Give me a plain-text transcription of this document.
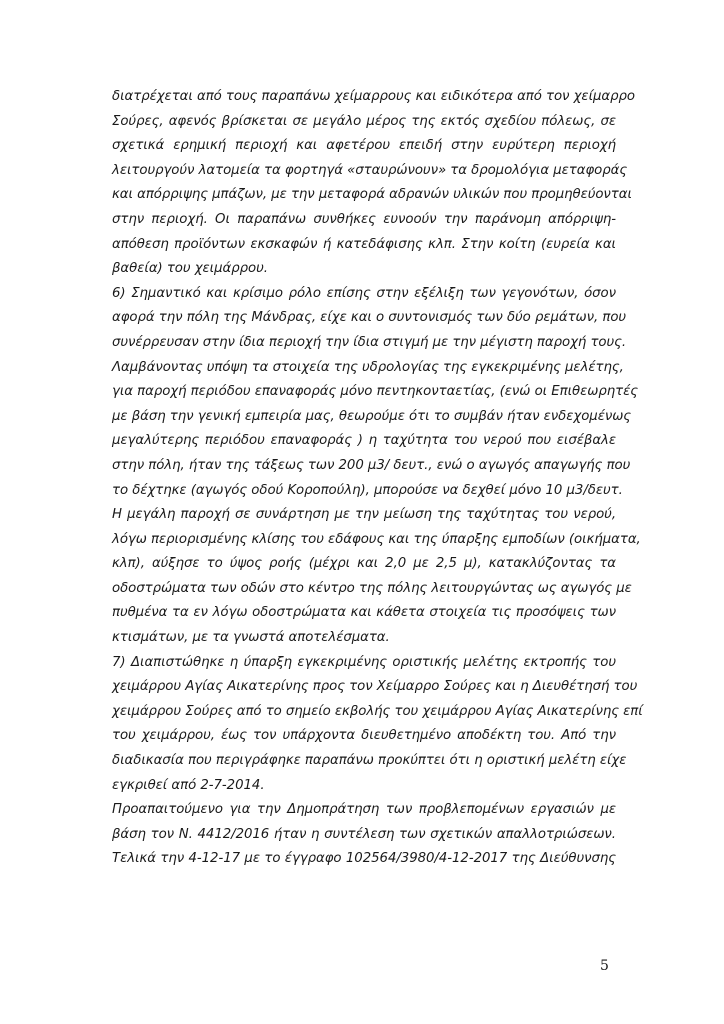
διατρέχεται από τους παραπάνω χείμαρρους και ειδικότερα από τον χείμαρρο
Σούρες, αφενός βρίσκεται σε μεγάλο μέρος της εκτός σχεδίου πόλεως, σε
σχετικά ερημική περιοχή και αφετέρου επειδή στην ευρύτερη περιοχή
λειτουργούν λατομεία τα φορτηγά «σταυρώνουν» τα δρομολόγια μεταφοράς
και απόρριψης μπάζων, με την μεταφορά αδρανών υλικών που προμηθεύονται
στην περιοχή. Οι παραπάνω συνθήκες ευνοούν την παράνομη απόρριψη-
απόθεση προϊόντων εκσκαφών ή κατεδάφισης κλπ. Στην κοίτη (ευρεία και
βαθεία) του χειμάρρου.
6) Σημαντικό και κρίσιμο ρόλο επίσης στην εξέλιξη των γεγονότων, όσον
αφορά την πόλη της Μάνδρας, είχε και ο συντονισμός των δύο ρεμάτων, που
συνέρρευσαν στην ίδια περιοχή την ίδια στιγμή με την μέγιστη παροχή τους.
Λαμβάνοντας υπόψη τα στοιχεία της υδρολογίας της εγκεκριμένης μελέτης,
για παροχή περιόδου επαναφοράς μόνο πεντηκονταετίας, (ενώ οι Επιθεωρητές
με βάση την γενική εμπειρία μας, θεωρούμε ότι το συμβάν ήταν ενδεχομένως
μεγαλύτερης περιόδου επαναφοράς ) η ταχύτητα του νερού που εισέβαλε
στην πόλη, ήταν της τάξεως των 200 μ3/ δευτ., ενώ ο αγωγός απαγωγής που
το δέχτηκε (αγωγός οδού Κοροπούλη), μπορούσε να δεχθεί μόνο 10 μ3/δευτ.
Η μεγάλη παροχή σε συνάρτηση με την μείωση της ταχύτητας του νερού,
λόγω περιορισμένης κλίσης του εδάφους και της ύπαρξης εμποδίων (οικήματα,
κλπ), αύξησε το ύψος ροής (μέχρι και 2,0 με 2,5 μ), κατακλύζοντας τα
οδοστρώματα των οδών στο κέντρο της πόλης λειτουργώντας ως αγωγός με
πυθμένα τα εν λόγω οδοστρώματα και κάθετα στοιχεία τις προσόψεις των
κτισμάτων, με τα γνωστά αποτελέσματα.
7) Διαπιστώθηκε η ύπαρξη εγκεκριμένης οριστικής μελέτης εκτροπής του
χειμάρρου Αγίας Αικατερίνης προς τον Χείμαρρο Σούρες και η Διευθέτησή του
χειμάρρου Σούρες από το σημείο εκβολής του χειμάρρου Αγίας Αικατερίνης επί
του χειμάρρου, έως τον υπάρχοντα διευθετημένο αποδέκτη του. Από την
διαδικασία που περιγράφηκε παραπάνω προκύπτει ότι η οριστική μελέτη είχε
εγκριθεί από 2-7-2014.
Προαπαιτούμενο για την Δημοπράτηση των προβλεπομένων εργασιών με
βάση τον Ν. 4412/2016 ήταν η συντέλεση των σχετικών απαλλοτριώσεων.
Τελικά την 4-12-17 με το έγγραφο 102564/3980/4-12-2017 της Διεύθυνσης
5
